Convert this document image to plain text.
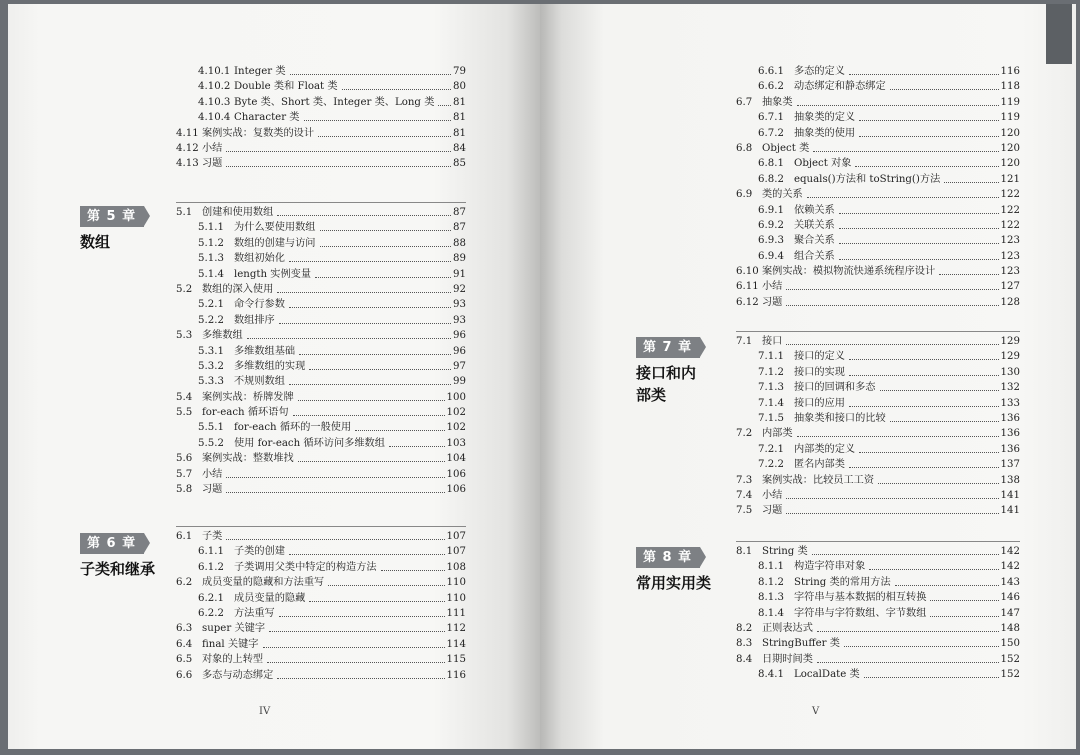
4.10.1 Integer 类	79
4.10.2 Double 类和 Float 类	80
4.10.3 Byte 类、Short 类、Integer 类、Long 类 81
4.10.4 Character 类	81
4.11 案例实战：复数类的设计	81
4.12 小结	84
4.13 习题	85
第 5 章
数组
5.1 创建和使用数组	87
5.1.1 为什么要使用数组	87
5.1.2 数组的创建与访问	88
5.1.3 数组初始化	89
5.1.4 length 实例变量	91
5.2 数组的深入使用	92
5.2.1 命令行参数	93
5.2.2 数组排序	93
5.3 多维数组	96
5.3.1 多维数组基础	96
5.3.2 多维数组的实现	97
5.3.3 不规则数组	99
5.4 案例实战：桥牌发牌	100
5.5 for-each 循环语句	102
5.5.1 for-each 循环的一般使用	102
5.5.2 使用 for-each 循环访问多维数组	103
5.6 案例实战：整数堆找	104
5.7 小结	106
5.8 习题	106
第 6 章
子类和继承
6.1 子类	107
6.1.1 子类的创建	107
6.1.2 子类调用父类中特定的构造方法	108
6.2 成员变量的隐藏和方法重写	110
6.2.1 成员变量的隐藏	110
6.2.2 方法重写	111
6.3 super 关键字	112
6.4 final 关键字	114
6.5 对象的上转型	115
6.6 多态与动态绑定	116
IV
6.6.1 多态的定义	116
6.6.2 动态绑定和静态绑定	118
6.7 抽象类	119
6.7.1 抽象类的定义	119
6.7.2 抽象类的使用	120
6.8 Object 类	120
6.8.1 Object 对象	120
6.8.2 equals()方法和 toString()方法	121
6.9 类的关系	122
6.9.1 依赖关系	122
6.9.2 关联关系	122
6.9.3 聚合关系	123
6.9.4 组合关系	123
6.10 案例实战：模拟物流快递系统程序设计	123
6.11 小结	127
6.12 习题	128
第 7 章
接口和内
部类
7.1 接口	129
7.1.1 接口的定义	129
7.1.2 接口的实现	130
7.1.3 接口的回调和多态	132
7.1.4 接口的应用	133
7.1.5 抽象类和接口的比较	136
7.2 内部类	136
7.2.1 内部类的定义	136
7.2.2 匿名内部类	137
7.3 案例实战：比较员工工资	138
7.4 小结	141
7.5 习题	141
第 8 章
常用实用类
8.1 String 类	142
8.1.1 构造字符串对象	142
8.1.2 String 类的常用方法	143
8.1.3 字符串与基本数据的相互转换	146
8.1.4 字符串与字符数组、字节数组	147
8.2 正则表达式	148
8.3 StringBuffer 类	150
8.4 日期时间类	152
8.4.1 LocalDate 类	152
V
